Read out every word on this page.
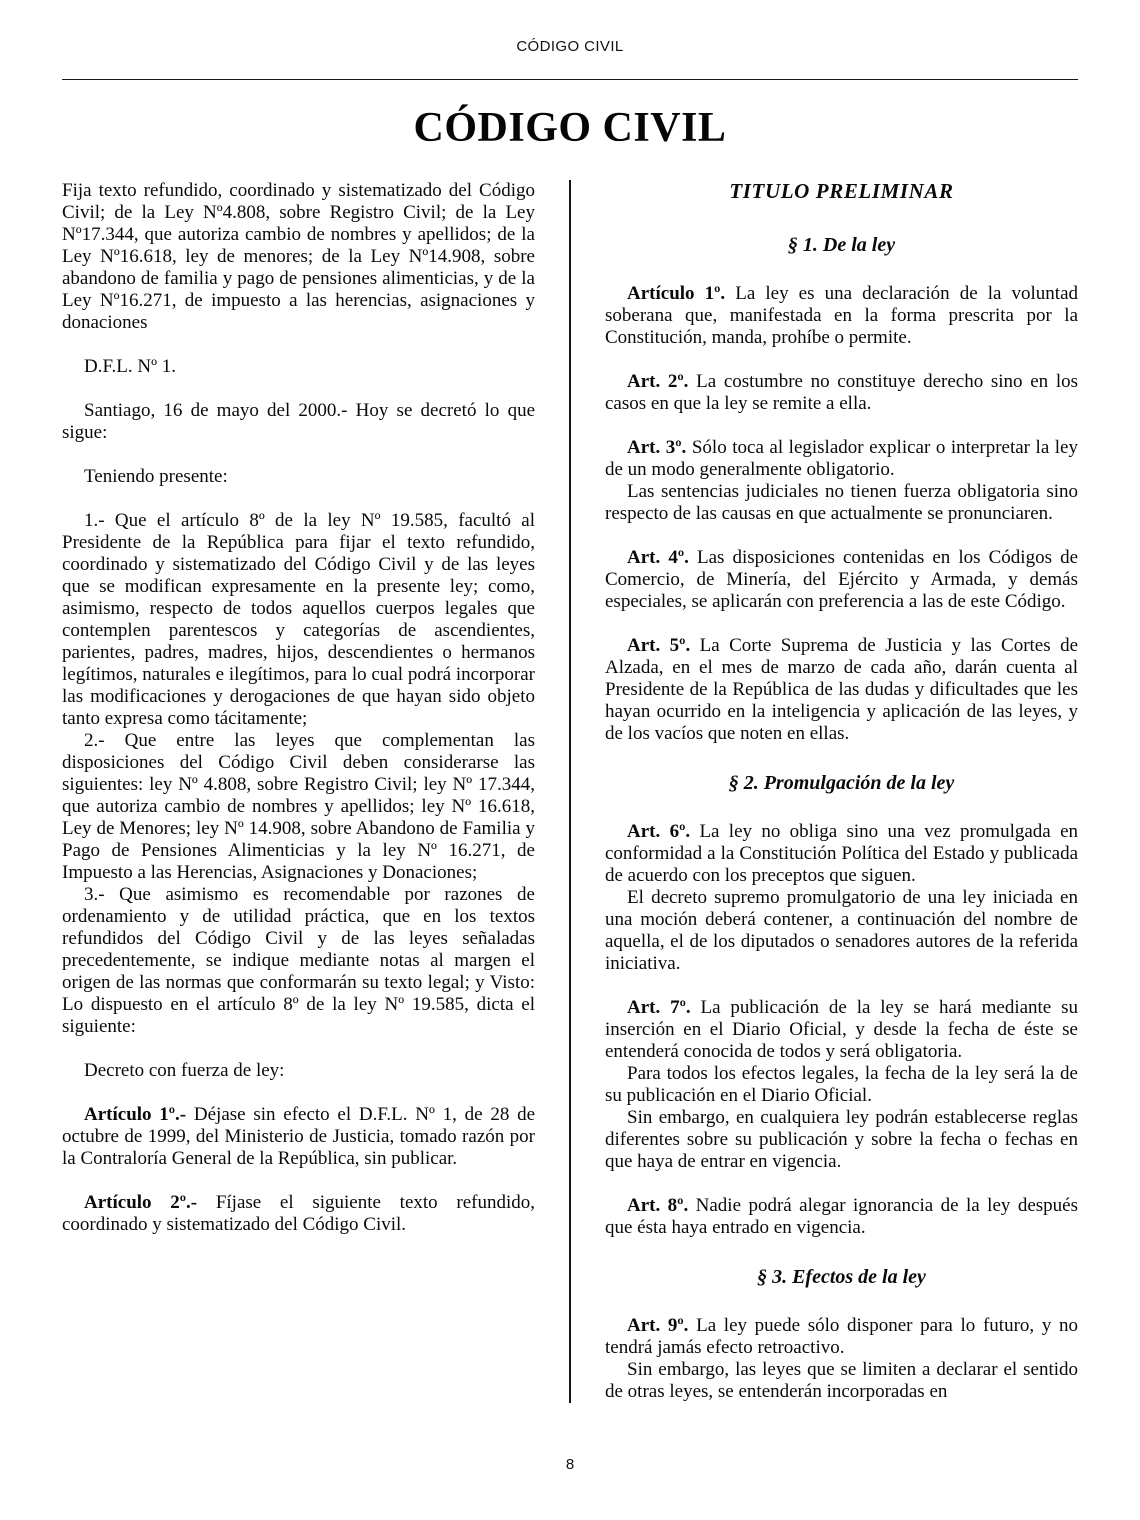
CÓDIGO CIVIL
CÓDIGO CIVIL

Fija texto refundido, coordinado y sistematizado del Código Civil; de la Ley Nº4.808, sobre Registro Civil; de la Ley Nº17.344, que autoriza cambio de nombres y apellidos; de la Ley Nº16.618, ley de menores; de la Ley Nº14.908, sobre abandono de familia y pago de pensiones alimenticias, y de la Ley Nº16.271, de impuesto a las herencias, asignaciones y donaciones

D.F.L. Nº 1.

Santiago, 16 de mayo del 2000.- Hoy se decretó lo que sigue:

Teniendo presente:

1.- Que el artículo 8º de la ley Nº 19.585, facultó al Presidente de la República para fijar el texto refundido, coordinado y sistematizado del Código Civil y de las leyes que se modifican expresamente en la presente ley; como, asimismo, respecto de todos aquellos cuerpos legales que contemplen parentescos y categorías de ascendientes, parientes, padres, madres, hijos, descendientes o hermanos legítimos, naturales e ilegítimos, para lo cual podrá incorporar las modificaciones y derogaciones de que hayan sido objeto tanto expresa como tácitamente;

2.- Que entre las leyes que complementan las disposiciones del Código Civil deben considerarse las siguientes: ley Nº 4.808, sobre Registro Civil; ley Nº 17.344, que autoriza cambio de nombres y apellidos; ley Nº 16.618, Ley de Menores; ley Nº 14.908, sobre Abandono de Familia y Pago de Pensiones Alimenticias y la ley Nº 16.271, de Impuesto a las Herencias, Asignaciones y Donaciones;

3.- Que asimismo es recomendable por razones de ordenamiento y de utilidad práctica, que en los textos refundidos del Código Civil y de las leyes señaladas precedentemente, se indique mediante notas al margen el origen de las normas que conformarán su texto legal; y Visto: Lo dispuesto en el artículo 8º de la ley Nº 19.585, dicta el siguiente:

Decreto con fuerza de ley:

Artículo 1º.- Déjase sin efecto el D.F.L. Nº 1, de 28 de octubre de 1999, del Ministerio de Justicia, tomado razón por la Contraloría General de la República, sin publicar.

Artículo 2º.- Fíjase el siguiente texto refundido, coordinado y sistematizado del Código Civil.

TITULO PRELIMINAR

§ 1. De la ley

Artículo 1º. La ley es una declaración de la voluntad soberana que, manifestada en la forma prescrita por la Constitución, manda, prohíbe o permite.

Art. 2º. La costumbre no constituye derecho sino en los casos en que la ley se remite a ella.

Art. 3º. Sólo toca al legislador explicar o interpretar la ley de un modo generalmente obligatorio.

Las sentencias judiciales no tienen fuerza obligatoria sino respecto de las causas en que actualmente se pronunciaren.

Art. 4º. Las disposiciones contenidas en los Códigos de Comercio, de Minería, del Ejército y Armada, y demás especiales, se aplicarán con preferencia a las de este Código.

Art. 5º. La Corte Suprema de Justicia y las Cortes de Alzada, en el mes de marzo de cada año, darán cuenta al Presidente de la República de las dudas y dificultades que les hayan ocurrido en la inteligencia y aplicación de las leyes, y de los vacíos que noten en ellas.

§ 2. Promulgación de la ley

Art. 6º. La ley no obliga sino una vez promulgada en conformidad a la Constitución Política del Estado y publicada de acuerdo con los preceptos que siguen.

El decreto supremo promulgatorio de una ley iniciada en una moción deberá contener, a continuación del nombre de aquella, el de los diputados o senadores autores de la referida iniciativa.

Art. 7º. La publicación de la ley se hará mediante su inserción en el Diario Oficial, y desde la fecha de éste se entenderá conocida de todos y será obligatoria.

Para todos los efectos legales, la fecha de la ley será la de su publicación en el Diario Oficial.

Sin embargo, en cualquiera ley podrán establecerse reglas diferentes sobre su publicación y sobre la fecha o fechas en que haya de entrar en vigencia.

Art. 8º. Nadie podrá alegar ignorancia de la ley después que ésta haya entrado en vigencia.

§ 3. Efectos de la ley

Art. 9º. La ley puede sólo disponer para lo futuro, y no tendrá jamás efecto retroactivo.

Sin embargo, las leyes que se limiten a declarar el sentido de otras leyes, se entenderán incorporadas en

8
